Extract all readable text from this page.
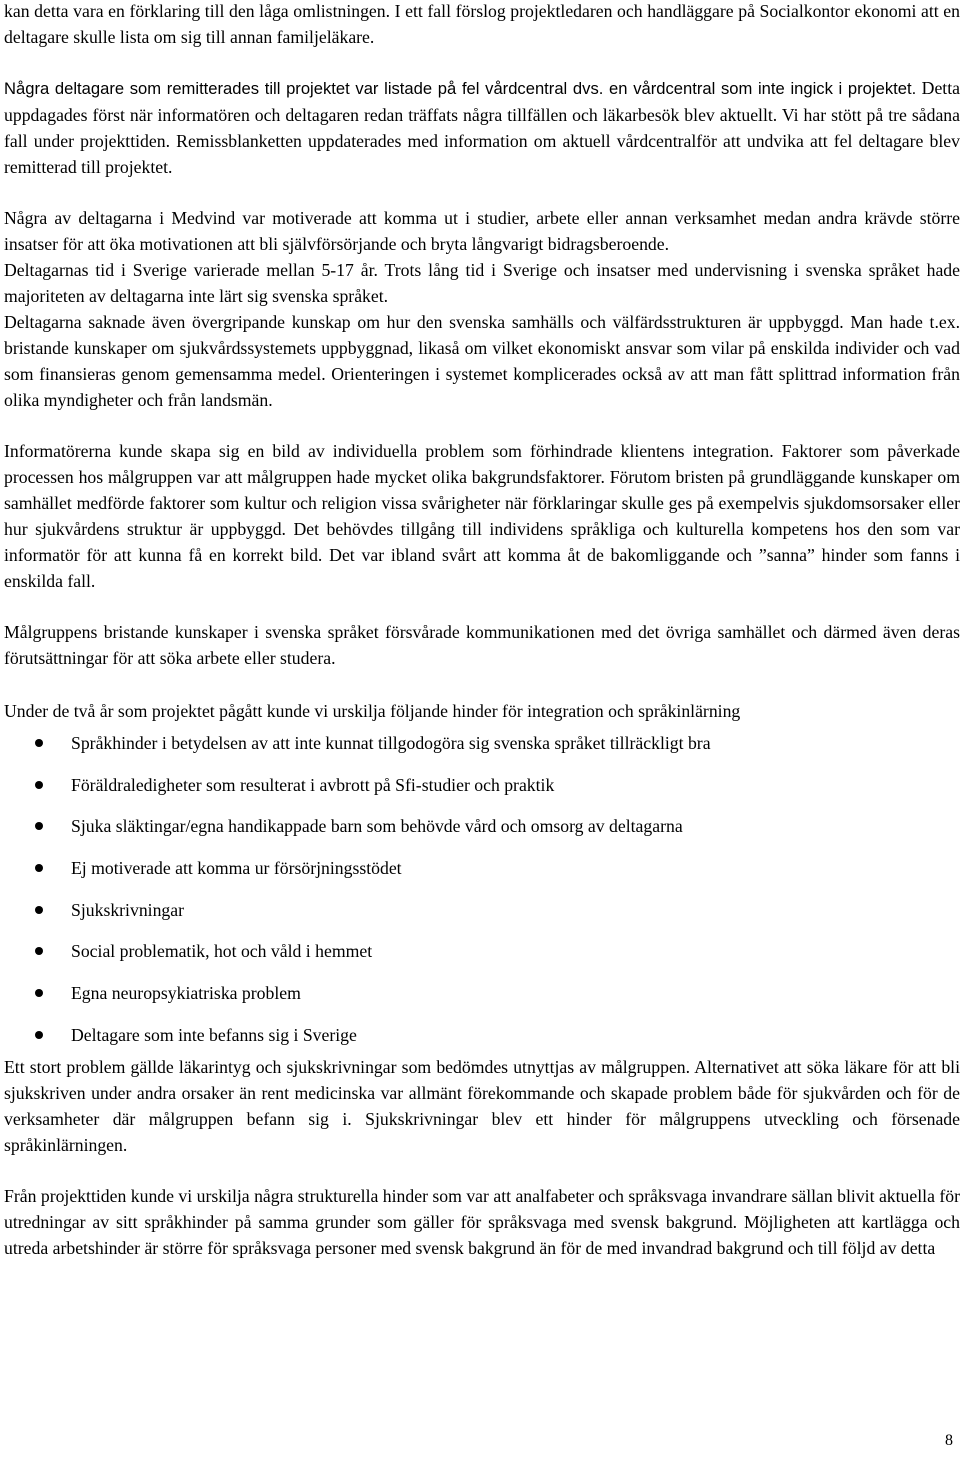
kan detta vara en förklaring till den låga omlistningen. I ett fall förslog projektledaren och handläggare på Socialkontor ekonomi att en deltagare skulle lista om sig till annan familjeläkare.

Några deltagare som remitterades till projektet var listade på fel vårdcentral dvs. en vårdcentral som inte ingick i projektet. Detta uppdagades först när informatören och deltagaren redan träffats några tillfällen och läkarbesök blev aktuellt. Vi har stött på tre sådana fall under projekttiden. Remissblanketten uppdaterades med information om aktuell vårdcentralför att undvika att fel deltagare blev remitterad till projektet.

Några av deltagarna i Medvind var motiverade att komma ut i studier, arbete eller annan verksamhet medan andra krävde större insatser för att öka motivationen att bli självförsörjande och bryta långvarigt bidragsberoende.

Deltagarnas tid i Sverige varierade mellan 5-17 år. Trots lång tid i Sverige och insatser med undervisning i svenska språket hade majoriteten av deltagarna inte lärt sig svenska språket.

Deltagarna saknade även övergripande kunskap om hur den svenska samhälls och välfärdsstrukturen är uppbyggd. Man hade t.ex. bristande kunskaper om sjukvårdssystemets uppbyggnad, likaså om vilket ekonomiskt ansvar som vilar på enskilda individer och vad som finansieras genom gemensamma medel. Orienteringen i systemet komplicerades också av att man fått splittrad information från olika myndigheter och från landsmän.

Informatörerna kunde skapa sig en bild av individuella problem som förhindrade klientens integration. Faktorer som påverkade processen hos målgruppen var att målgruppen hade mycket olika bakgrundsfaktorer. Förutom bristen på grundläggande kunskaper om samhället medförde faktorer som kultur och religion vissa svårigheter när förklaringar skulle ges på exempelvis sjukdomsorsaker eller hur sjukvårdens struktur är uppbyggd. Det behövdes tillgång till individens språkliga och kulturella kompetens hos den som var informatör för att kunna få en korrekt bild. Det var ibland svårt att komma åt de bakomliggande och ”sanna” hinder som fanns i enskilda fall.

Målgruppens bristande kunskaper i svenska språket försvårade kommunikationen med det övriga samhället och därmed även deras förutsättningar för att söka arbete eller studera.

Under de två år som projektet pågått kunde vi urskilja följande hinder för integration och språkinlärning

Språkhinder i betydelsen av att inte kunnat tillgodogöra sig svenska språket tillräckligt bra
Föräldraledigheter som resulterat i avbrott på Sfi-studier och praktik
Sjuka släktingar/egna handikappade barn som behövde vård och omsorg av deltagarna
Ej motiverade att komma ur försörjningsstödet
Sjukskrivningar
Social problematik, hot och våld i hemmet
Egna neuropsykiatriska problem
Deltagare som inte befanns sig i Sverige

Ett stort problem gällde läkarintyg och sjukskrivningar som bedömdes utnyttjas av målgruppen. Alternativet att söka läkare för att bli sjukskriven under andra orsaker än rent medicinska var allmänt förekommande och skapade problem både för sjukvården och för de verksamheter där målgruppen befann sig i. Sjukskrivningar blev ett hinder för målgruppens utveckling och försenade språkinlärningen.

Från projekttiden kunde vi urskilja några strukturella hinder som var att analfabeter och språksvaga invandrare sällan blivit aktuella för utredningar av sitt språkhinder på samma grunder som gäller för språksvaga med svensk bakgrund. Möjligheten att kartlägga och utreda arbetshinder är större för språksvaga personer med svensk bakgrund än för de med invandrad bakgrund och till följd av detta

8
